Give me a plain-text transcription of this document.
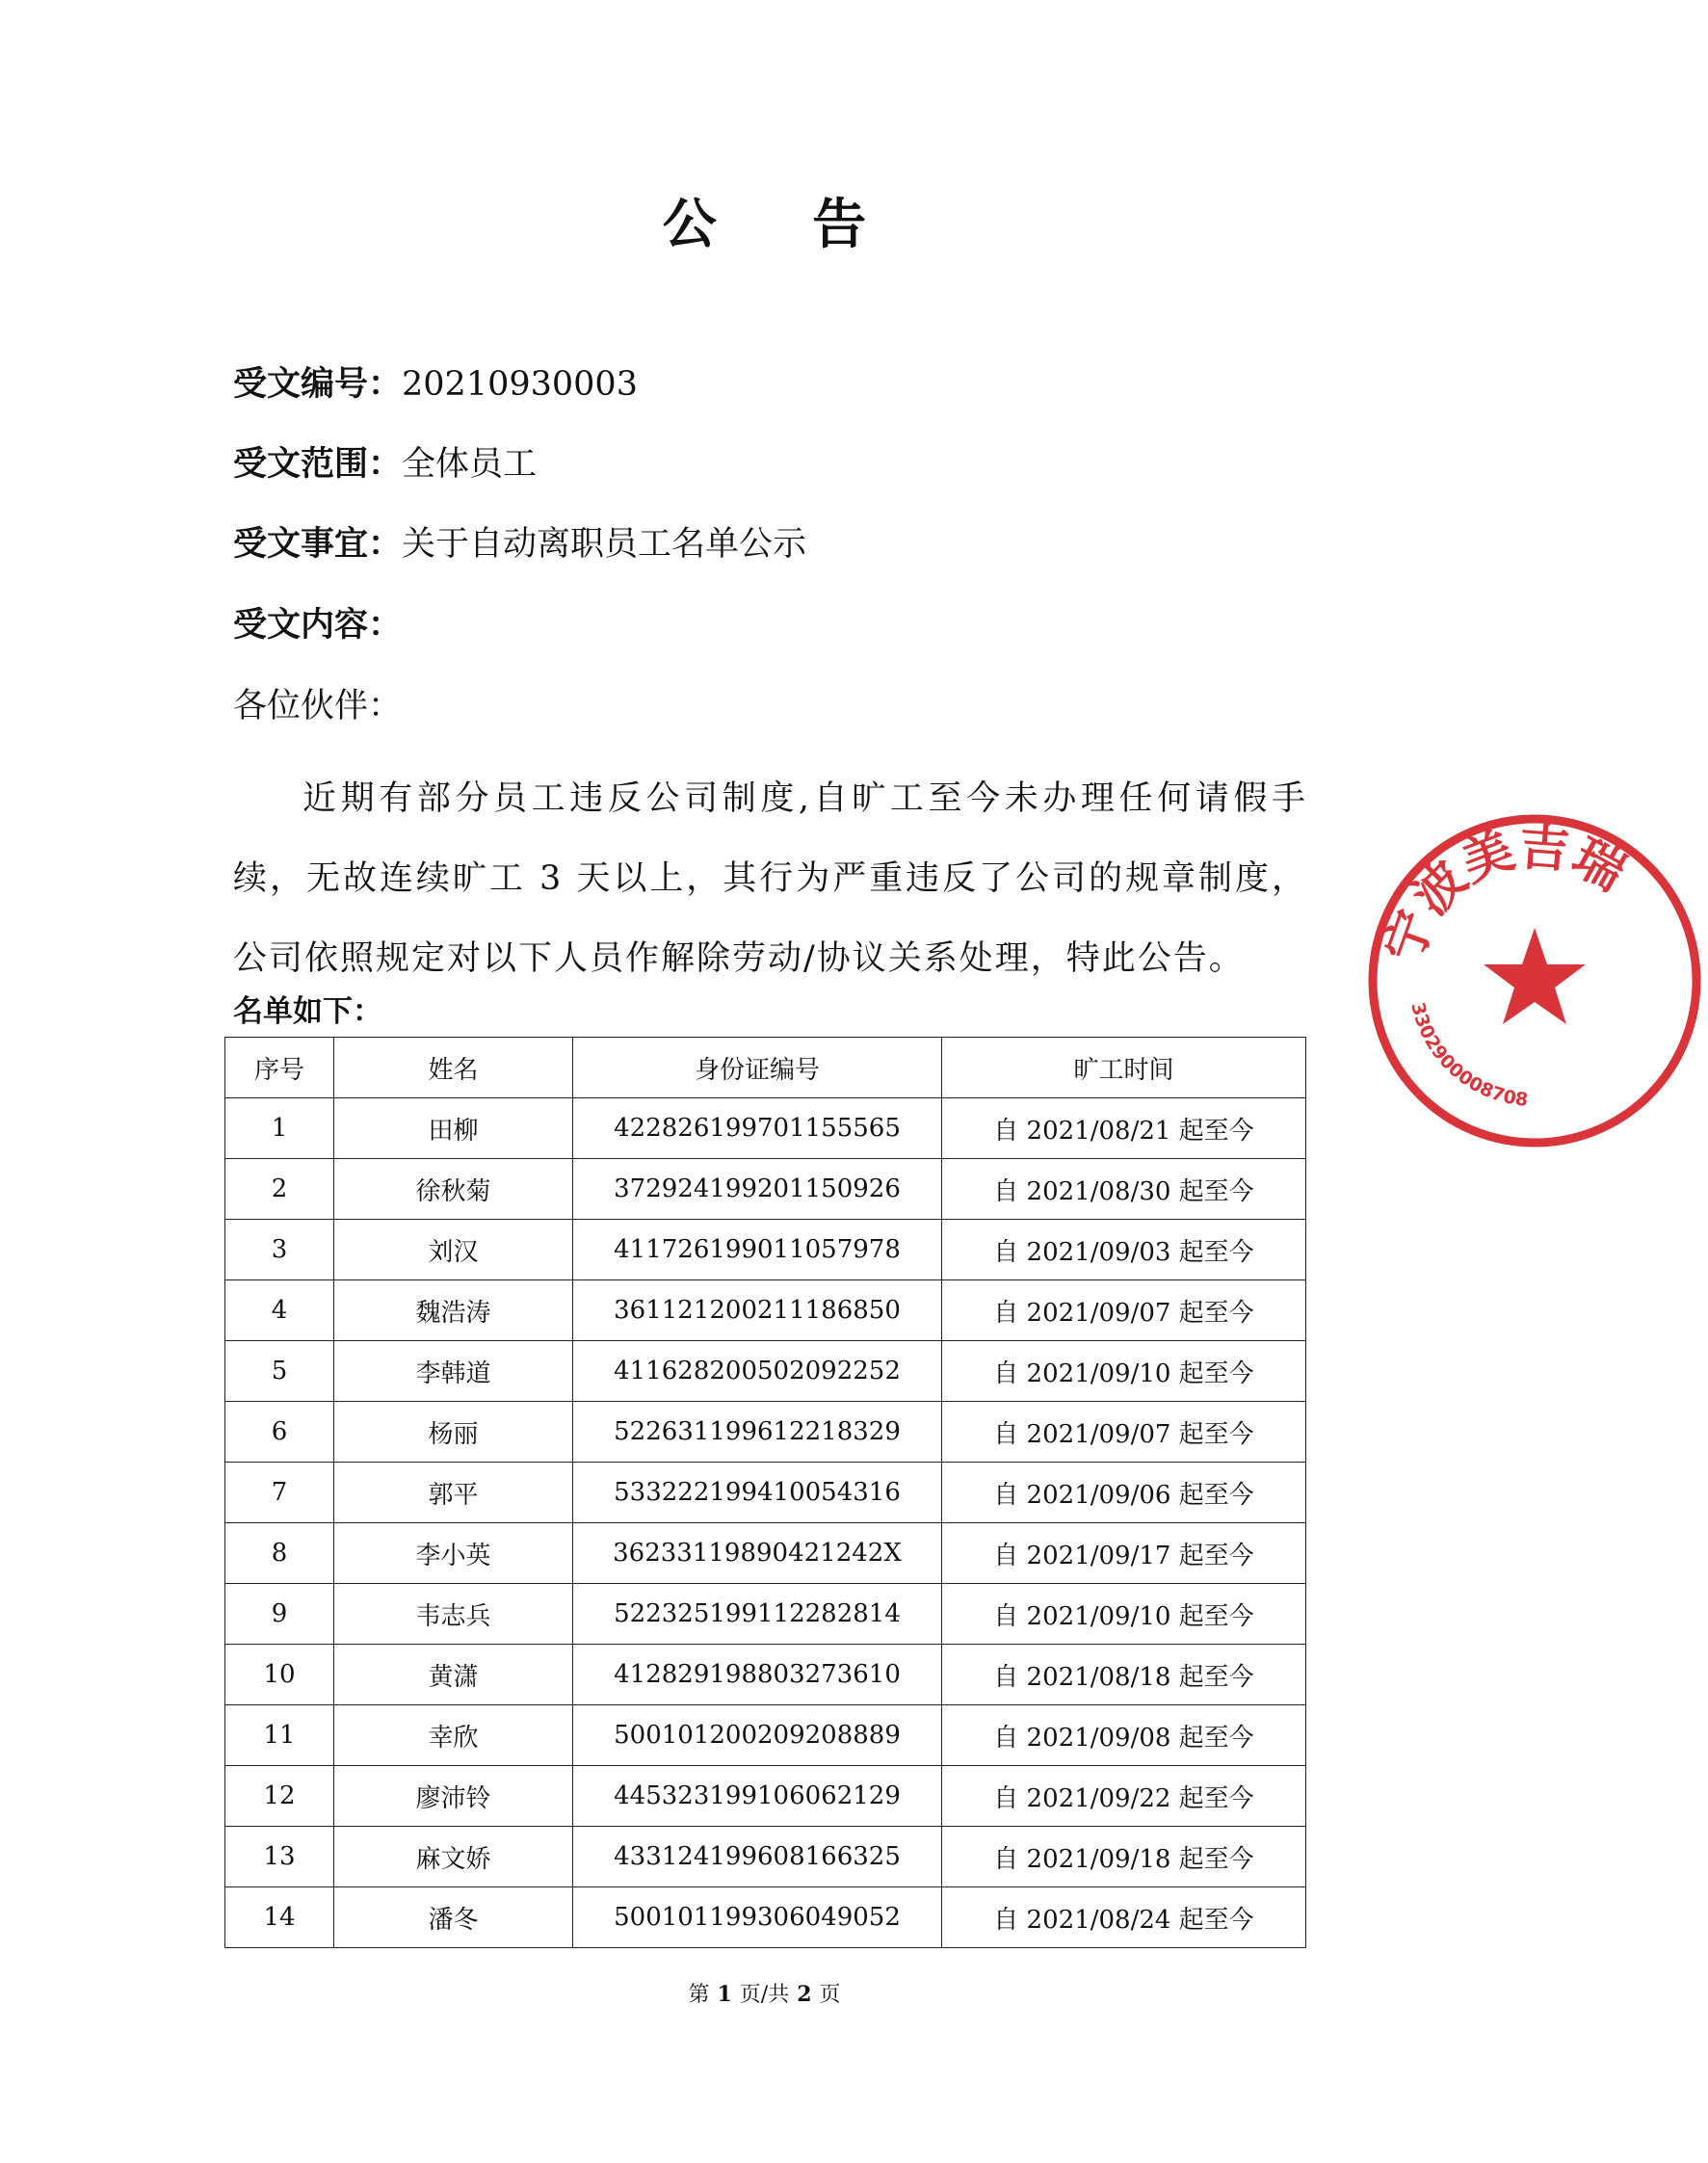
公 告
受文编号：20210930003
受文范围：全体员工
受文事宜：关于自动离职员工名单公示
受文内容：
各位伙伴：
近期有部分员工违反公司制度,自旷工至今未办理任何请假手续，无故连续旷工 3 天以上，其行为严重违反了公司的规章制度，公司依照规定对以下人员作解除劳动/协议关系处理，特此公告。
名单如下：
序号	姓名	身份证编号	旷工时间
1	田柳	422826199701155565	自 2021/08/21 起至今
2	徐秋菊	372924199201150926	自 2021/08/30 起至今
3	刘汉	411726199011057978	自 2021/09/03 起至今
4	魏浩涛	361121200211186850	自 2021/09/07 起至今
5	李韩道	411628200502092252	自 2021/09/10 起至今
6	杨丽	522631199612218329	自 2021/09/07 起至今
7	郭平	533222199410054316	自 2021/09/06 起至今
8	李小英	36233119890421242X	自 2021/09/17 起至今
9	韦志兵	522325199112282814	自 2021/09/10 起至今
10	黄潇	412829198803273610	自 2021/08/18 起至今
11	幸欣	500101200209208889	自 2021/09/08 起至今
12	廖沛铃	445323199106062129	自 2021/09/22 起至今
13	麻文娇	433124199608166325	自 2021/09/18 起至今
14	潘冬	500101199306049052	自 2021/08/24 起至今
第 1 页/共 2 页
宁波美吉瑞
3302900008708
